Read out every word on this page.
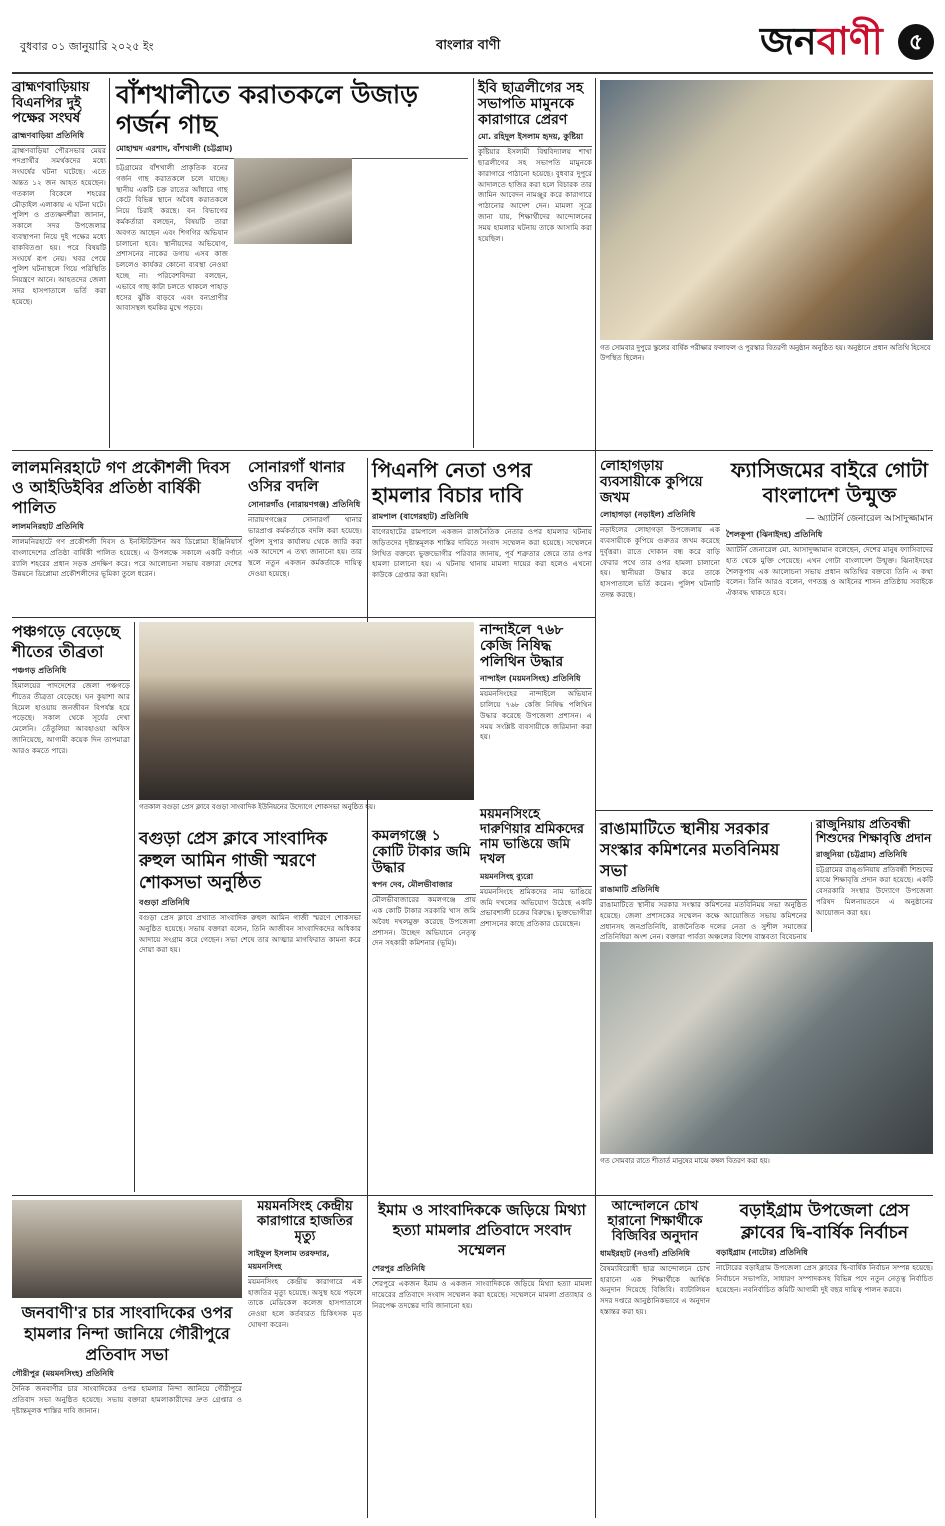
বুধবার ০১ জানুয়ারি ২০২৫ ইং	বাংলার বাণী	জনবাণী	৫
ব্রাহ্মণবাড়িয়ায় বিএনপির দুই পক্ষের সংঘর্ষ
ব্রাহ্মণবাড়িয়া প্রতিনিধি
ব্রাহ্মণবাড়িয়া পৌরসভার মেয়র পদপ্রার্থীর সমর্থকদের মধ্যে সংঘর্ষের ঘটনা ঘটেছে। এতে অন্তত ১২ জন আহত হয়েছেন। গতকাল বিকেলে শহরের মৌড়াইল এলাকায় এ ঘটনা ঘটে। পুলিশ ও প্রত্যক্ষদর্শীরা জানান, সকালে সদর উপজেলার ব্যবস্থাপনা নিয়ে দুই পক্ষের মধ্যে বাকবিতণ্ডা হয়। পরে বিষয়টি সংঘর্ষে রূপ নেয়। খবর পেয়ে পুলিশ ঘটনাস্থলে গিয়ে পরিস্থিতি নিয়ন্ত্রণে আনে। আহতদের জেলা সদর হাসপাতালে ভর্তি করা হয়েছে।
বাঁশখালীতে করাতকলে উজাড় গর্জন গাছ
মোহাম্মদ এরশাদ, বাঁশখালী (চট্টগ্রাম)
চট্টগ্রামের বাঁশখালী প্রাকৃতিক বনের গর্জন গাছ করাতকলে চলে যাচ্ছে। স্থানীয় একটি চক্র রাতের আঁধারে গাছ কেটে বিভিন্ন স্থানে অবৈধ করাতকলে নিয়ে চিরাই করছে। বন বিভাগের কর্মকর্তারা বলছেন, বিষয়টি তারা অবগত আছেন এবং শিগগির অভিযান চালানো হবে। স্থানীয়দের অভিযোগ, প্রশাসনের নাকের ডগায় এসব কাজ চললেও কার্যকর কোনো ব্যবস্থা নেওয়া হচ্ছে না। পরিবেশবিদরা বলছেন, এভাবে গাছ কাটা চলতে থাকলে পাহাড় ধসের ঝুঁকি বাড়বে এবং বন্যপ্রাণীর আবাসস্থল হুমকির মুখে পড়বে।
ইবি ছাত্রলীগের সহ সভাপতি মামুনকে কারাগারে প্রেরণ
মো. রহিদুল ইসলাম হৃদয়, কুষ্টিয়া
কুষ্টিয়ার ইসলামী বিশ্ববিদ্যালয় শাখা ছাত্রলীগের সহ সভাপতি মামুনকে কারাগারে পাঠানো হয়েছে। বুধবার দুপুরে আদালতে হাজির করা হলে বিচারক তার জামিন আবেদন নামঞ্জুর করে কারাগারে পাঠানোর আদেশ দেন। মামলা সূত্রে জানা যায়, শিক্ষার্থীদের আন্দোলনের সময় হামলার ঘটনায় তাকে আসামি করা হয়েছিল।
গত সোমবার দুপুরে স্কুলের বার্ষিক পরীক্ষার ফলাফল ও পুরস্কার বিতরণী অনুষ্ঠান অনুষ্ঠিত হয়। অনুষ্ঠানে প্রধান অতিথি হিসেবে উপস্থিত ছিলেন।
লালমনিরহাটে গণ প্রকৌশলী দিবস ও আইডিইবির প্রতিষ্ঠা বার্ষিকী পালিত
লালমনিরহাট প্রতিনিধি
লালমনিরহাটে গণ প্রকৌশলী দিবস ও ইনস্টিটিউশন অব ডিপ্লোমা ইঞ্জিনিয়ার্স বাংলাদেশের প্রতিষ্ঠা বার্ষিকী পালিত হয়েছে। এ উপলক্ষে সকালে একটি বর্ণাঢ্য র‍্যালি শহরের প্রধান সড়ক প্রদক্ষিণ করে। পরে আলোচনা সভায় বক্তারা দেশের উন্নয়নে ডিপ্লোমা প্রকৌশলীদের ভূমিকা তুলে ধরেন।
সোনারগাঁ থানার ওসির বদলি
সোনারগাঁও (নারায়ণগঞ্জ) প্রতিনিধি
নারায়ণগঞ্জের সোনারগাঁ থানার ভারপ্রাপ্ত কর্মকর্তাকে বদলি করা হয়েছে। পুলিশ সুপার কার্যালয় থেকে জারি করা এক আদেশে এ তথ্য জানানো হয়। তার স্থলে নতুন একজন কর্মকর্তাকে দায়িত্ব দেওয়া হয়েছে।
পিএনপি নেতা ওপর হামলার বিচার দাবি
রামপাল (বাগেরহাট) প্রতিনিধি
বাগেরহাটের রামপালে একজন রাজনৈতিক নেতার ওপর হামলার ঘটনায় জড়িতদের দৃষ্টান্তমূলক শাস্তির দাবিতে সংবাদ সম্মেলন করা হয়েছে। সম্মেলনে লিখিত বক্তব্যে ভুক্তভোগীর পরিবার জানায়, পূর্ব শত্রুতার জেরে তার ওপর হামলা চালানো হয়। এ ঘটনায় থানায় মামলা দায়ের করা হলেও এখনো কাউকে গ্রেপ্তার করা হয়নি।
লোহাগড়ায় ব্যবসায়ীকে কুপিয়ে জখম
লোহাগড়া (নড়াইল) প্রতিনিধি
নড়াইলের লোহাগড়া উপজেলায় এক ব্যবসায়ীকে কুপিয়ে গুরুতর জখম করেছে দুর্বৃত্তরা। রাতে দোকান বন্ধ করে বাড়ি ফেরার পথে তার ওপর হামলা চালানো হয়। স্থানীয়রা উদ্ধার করে তাকে হাসপাতালে ভর্তি করেন। পুলিশ ঘটনাটি তদন্ত করছে।
ফ্যাসিজমের বাইরে গোটা বাংলাদেশ উন্মুক্ত
— অ্যাটর্নি জেনারেল আসাদুজ্জামান
শৈলকূপা (ঝিনাইদহ) প্রতিনিধি
অ্যাটর্নি জেনারেল মো. আসাদুজ্জামান বলেছেন, দেশের মানুষ ফ্যাসিবাদের হাত থেকে মুক্তি পেয়েছে। এখন গোটা বাংলাদেশ উন্মুক্ত। ঝিনাইদহের শৈলকূপায় এক আলোচনা সভায় প্রধান অতিথির বক্তব্যে তিনি এ কথা বলেন। তিনি আরও বলেন, গণতন্ত্র ও আইনের শাসন প্রতিষ্ঠায় সবাইকে ঐক্যবদ্ধ থাকতে হবে।
পঞ্চগড়ে বেড়েছে শীতের তীব্রতা
পঞ্চগড় প্রতিনিধি
হিমালয়ের পাদদেশের জেলা পঞ্চগড়ে শীতের তীব্রতা বেড়েছে। ঘন কুয়াশা আর হিমেল হাওয়ায় জনজীবন বিপর্যস্ত হয়ে পড়েছে। সকাল থেকে সূর্যের দেখা মেলেনি। তেঁতুলিয়া আবহাওয়া অফিস জানিয়েছে, আগামী কয়েক দিন তাপমাত্রা আরও কমতে পারে।
গতকাল বগুড়া প্রেস ক্লাবে বগুড়া সাংবাদিক ইউনিয়নের উদ্যোগে শোকসভা অনুষ্ঠিত হয়।
নান্দাইলে ৭৬৮ কেজি নিষিদ্ধ পলিথিন উদ্ধার
নান্দাইল (ময়মনসিংহ) প্রতিনিধি
ময়মনসিংহের নান্দাইলে অভিযান চালিয়ে ৭৬৮ কেজি নিষিদ্ধ পলিথিন উদ্ধার করেছে উপজেলা প্রশাসন। এ সময় সংশ্লিষ্ট ব্যবসায়ীকে জরিমানা করা হয়।
ময়মনসিংহে দারুণিয়ার শ্রমিকদের নাম ভাঙিয়ে জমি দখল
ময়মনসিংহ ব্যুরো
ময়মনসিংহে শ্রমিকদের নাম ভাঙিয়ে জমি দখলের অভিযোগ উঠেছে একটি প্রভাবশালী চক্রের বিরুদ্ধে। ভুক্তভোগীরা প্রশাসনের কাছে প্রতিকার চেয়েছেন।
বগুড়া প্রেস ক্লাবে সাংবাদিক রুহুল আমিন গাজী স্মরণে শোকসভা অনুষ্ঠিত
বগুড়া প্রতিনিধি
বগুড়া প্রেস ক্লাবে প্রখ্যাত সাংবাদিক রুহুল আমিন গাজী স্মরণে শোকসভা অনুষ্ঠিত হয়েছে। সভায় বক্তারা বলেন, তিনি আজীবন সাংবাদিকদের অধিকার আদায়ে সংগ্রাম করে গেছেন। সভা শেষে তার আত্মার মাগফিরাত কামনা করে দোয়া করা হয়।
কমলগঞ্জে ১ কোটি টাকার জমি উদ্ধার
স্বপন দেব, মৌলভীবাজার
মৌলভীবাজারের কমলগঞ্জে প্রায় এক কোটি টাকার সরকারি খাস জমি অবৈধ দখলমুক্ত করেছে উপজেলা প্রশাসন। উচ্ছেদ অভিযানে নেতৃত্ব দেন সহকারী কমিশনার (ভূমি)।
রাঙামাটিতে স্থানীয় সরকার সংস্কার কমিশনের মতবিনিময় সভা
রাঙামাটি প্রতিনিধি
রাঙামাটিতে স্থানীয় সরকার সংস্কার কমিশনের মতবিনিময় সভা অনুষ্ঠিত হয়েছে। জেলা প্রশাসকের সম্মেলন কক্ষে আয়োজিত সভায় কমিশনের প্রধানসহ জনপ্রতিনিধি, রাজনৈতিক দলের নেতা ও সুশীল সমাজের প্রতিনিধিরা অংশ নেন। বক্তারা পার্বত্য অঞ্চলের বিশেষ বাস্তবতা বিবেচনায়
রাজুনিয়ায় প্রতিবন্ধী শিশুদের শিক্ষাবৃত্তি প্রদান
রাজুনিয়া (চট্টগ্রাম) প্রতিনিধি
চট্টগ্রামের রাঙ্গুনিয়ায় প্রতিবন্ধী শিশুদের মাঝে শিক্ষাবৃত্তি প্রদান করা হয়েছে। একটি বেসরকারি সংস্থার উদ্যোগে উপজেলা পরিষদ মিলনায়তনে এ অনুষ্ঠানের আয়োজন করা হয়।
গত সোমবার রাতে শীতার্ত মানুষের মাঝে কম্বল বিতরণ করা হয়।
ময়মনসিংহ কেন্দ্রীয় কারাগারে হাজতির মৃত্যু
সাইফুল ইসলাম তরফদার, ময়মনসিংহ
ময়মনসিংহ কেন্দ্রীয় কারাগারে এক হাজতির মৃত্যু হয়েছে। অসুস্থ হয়ে পড়লে তাকে মেডিকেল কলেজ হাসপাতালে নেওয়া হলে কর্তব্যরত চিকিৎসক মৃত ঘোষণা করেন।
ইমাম ও সাংবাদিককে জড়িয়ে মিথ্যা হত্যা মামলার প্রতিবাদে সংবাদ সম্মেলন
শেরপুর প্রতিনিধি
শেরপুরে একজন ইমাম ও একজন সাংবাদিককে জড়িয়ে মিথ্যা হত্যা মামলা দায়েরের প্রতিবাদে সংবাদ সম্মেলন করা হয়েছে। সম্মেলনে মামলা প্রত্যাহার ও নিরপেক্ষ তদন্তের দাবি জানানো হয়।
আন্দোলনে চোখ হারানো শিক্ষার্থীকে বিজিবির অনুদান
ধামইরহাট (নওগাঁ) প্রতিনিধি
বৈষম্যবিরোধী ছাত্র আন্দোলনে চোখ হারানো এক শিক্ষার্থীকে আর্থিক অনুদান দিয়েছে বিজিবি। ব্যাটালিয়ন সদর দপ্তরে আনুষ্ঠানিকভাবে এ অনুদান হস্তান্তর করা হয়।
বড়াইগ্রাম উপজেলা প্রেস ক্লাবের দ্বি-বার্ষিক নির্বাচন
বড়াইগ্রাম (নাটোর) প্রতিনিধি
নাটোরের বড়াইগ্রাম উপজেলা প্রেস ক্লাবের দ্বি-বার্ষিক নির্বাচন সম্পন্ন হয়েছে। নির্বাচনে সভাপতি, সাধারণ সম্পাদকসহ বিভিন্ন পদে নতুন নেতৃত্ব নির্বাচিত হয়েছেন। নবনির্বাচিত কমিটি আগামী দুই বছর দায়িত্ব পালন করবে।
জনবাণী'র চার সাংবাদিকের ওপর হামলার নিন্দা জানিয়ে গৌরীপুরে প্রতিবাদ সভা
গৌরীপুর (ময়মনসিংহ) প্রতিনিধি
দৈনিক জনবাণীর চার সাংবাদিকের ওপর হামলার নিন্দা জানিয়ে গৌরীপুরে প্রতিবাদ সভা অনুষ্ঠিত হয়েছে। সভায় বক্তারা হামলাকারীদের দ্রুত গ্রেপ্তার ও দৃষ্টান্তমূলক শাস্তির দাবি জানান।
